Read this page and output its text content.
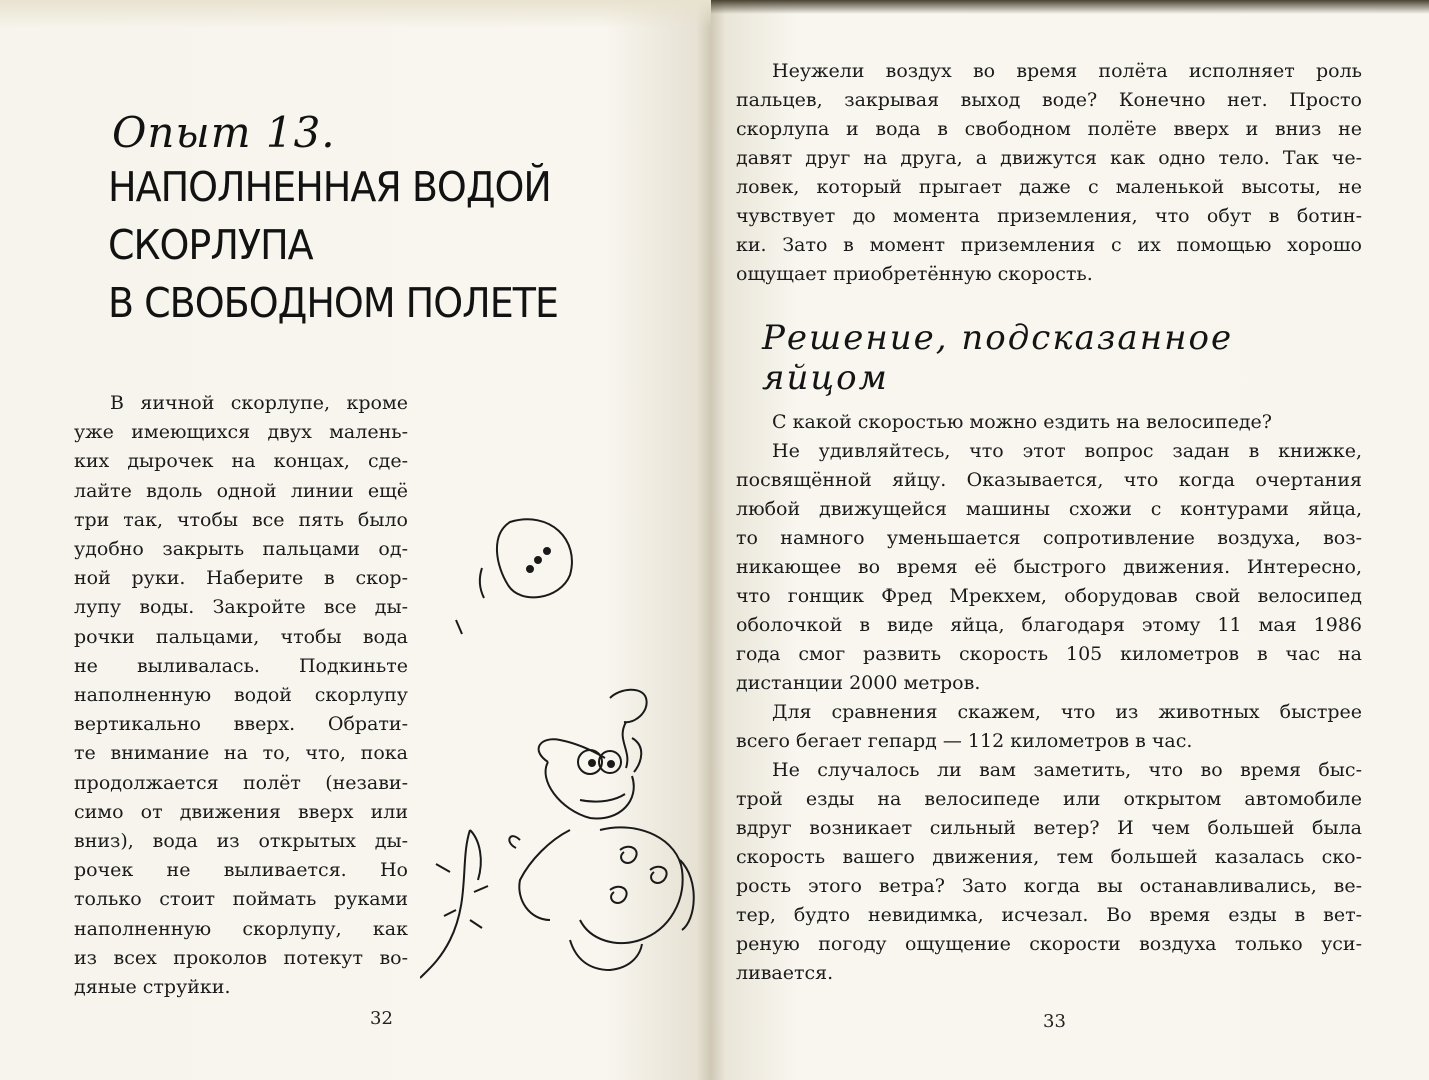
Опыт 13.
НАПОЛНЕННАЯ ВОДОЙ
СКОРЛУПА
В СВОБОДНОМ ПОЛЕТЕ
В яичной скорлупе, кроме
уже имеющихся двух малень-
ких дырочек на концах, сде-
лайте вдоль одной линии ещё
три так, чтобы все пять было
удобно закрыть пальцами од-
ной руки. Наберите в скор-
лупу воды. Закройте все ды-
рочки пальцами, чтобы вода
не выливалась. Подкиньте
наполненную водой скорлупу
вертикально вверх. Обрати-
те внимание на то, что, пока
продолжается полёт (незави-
симо от движения вверх или
вниз), вода из открытых ды-
рочек не выливается. Но
только стоит поймать руками
наполненную скорлупу, как
из всех проколов потекут во-
дяные струйки.
32	33
Неужели воздух во время полёта исполняет роль
пальцев, закрывая выход воде? Конечно нет. Просто
скорлупа и вода в свободном полёте вверх и вниз не
давят друг на друга, а движутся как одно тело. Так че-
ловек, который прыгает даже с маленькой высоты, не
чувствует до момента приземления, что обут в ботин-
ки. Зато в момент приземления с их помощью хорошо
ощущает приобретённую скорость.
Решение, подсказанное яйцом
С какой скоростью можно ездить на велосипеде?
Не удивляйтесь, что этот вопрос задан в книжке,
посвящённой яйцу. Оказывается, что когда очертания
любой движущейся машины схожи с контурами яйца,
то намного уменьшается сопротивление воздуха, воз-
никающее во время её быстрого движения. Интересно,
что гонщик Фред Мрекхем, оборудовав свой велосипед
оболочкой в виде яйца, благодаря этому 11 мая 1986
года смог развить скорость 105 километров в час на
дистанции 2000 метров.
Для сравнения скажем, что из животных быстрее
всего бегает гепард — 112 километров в час.
Не случалось ли вам заметить, что во время быс-
трой езды на велосипеде или открытом автомобиле
вдруг возникает сильный ветер? И чем большей была
скорость вашего движения, тем большей казалась ско-
рость этого ветра? Зато когда вы останавливались, ве-
тер, будто невидимка, исчезал. Во время езды в вет-
реную погоду ощущение скорости воздуха только уси-
ливается.
